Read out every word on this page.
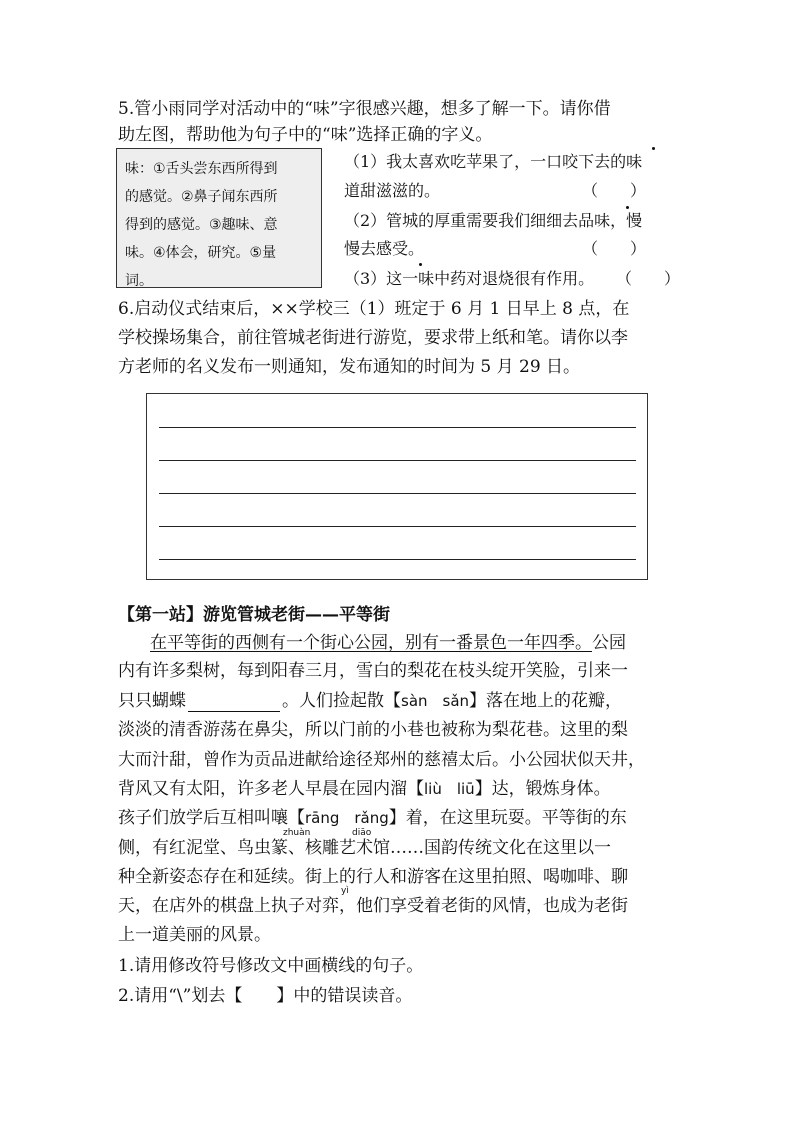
5.管小雨同学对活动中的“味”字很感兴趣，想多了解一下。请你借
助左图，帮助他为句子中的“味”选择正确的字义。
味：①舌头尝东西所得到
的感觉。②鼻子闻东西所
得到的感觉。③趣味、意
味。④体会，研究。⑤量
词。
（1）我太喜欢吃苹果了，一口咬下去的味
道甜滋滋的。	（　　）
（2）管城的厚重需要我们细细去品味，慢
慢去感受。	（　　）
（3）这一味中药对退烧很有作用。 （　　）
6.启动仪式结束后，××学校三（1）班定于 6 月 1 日早上 8 点，在
学校操场集合，前往管城老街进行游览，要求带上纸和笔。请你以李
方老师的名义发布一则通知，发布通知的时间为 5 月 29 日。
【第一站】游览管城老街——平等街
在平等街的西侧有一个街心公园，别有一番景色一年四季。公园
内有许多梨树，每到阳春三月，雪白的梨花在枝头绽开笑脸，引来一
只只蝴蝶	。人们捡起散【sàn　sǎn】落在地上的花瓣，
淡淡的清香游荡在鼻尖，所以门前的小巷也被称为梨花巷。这里的梨
大而汁甜，曾作为贡品进献给途径郑州的慈禧太后。小公园状似天井，
背风又有太阳，许多老人早晨在园内溜【liù　liū】达，锻炼身体。
孩子们放学后互相叫嚷【rāng　rǎng】着，在这里玩耍。平等街的东
zhuàn	diāo
侧，有红泥堂、鸟虫篆、核雕艺术馆……国韵传统文化在这里以一
种全新姿态存在和延续。街上的行人和游客在这里拍照、喝咖啡、聊
yì
天，在店外的棋盘上执子对弈，他们享受着老街的风情，也成为老街
上一道美丽的风景。
1.请用修改符号修改文中画横线的句子。
2.请用“\”划去【　　】中的错误读音。
